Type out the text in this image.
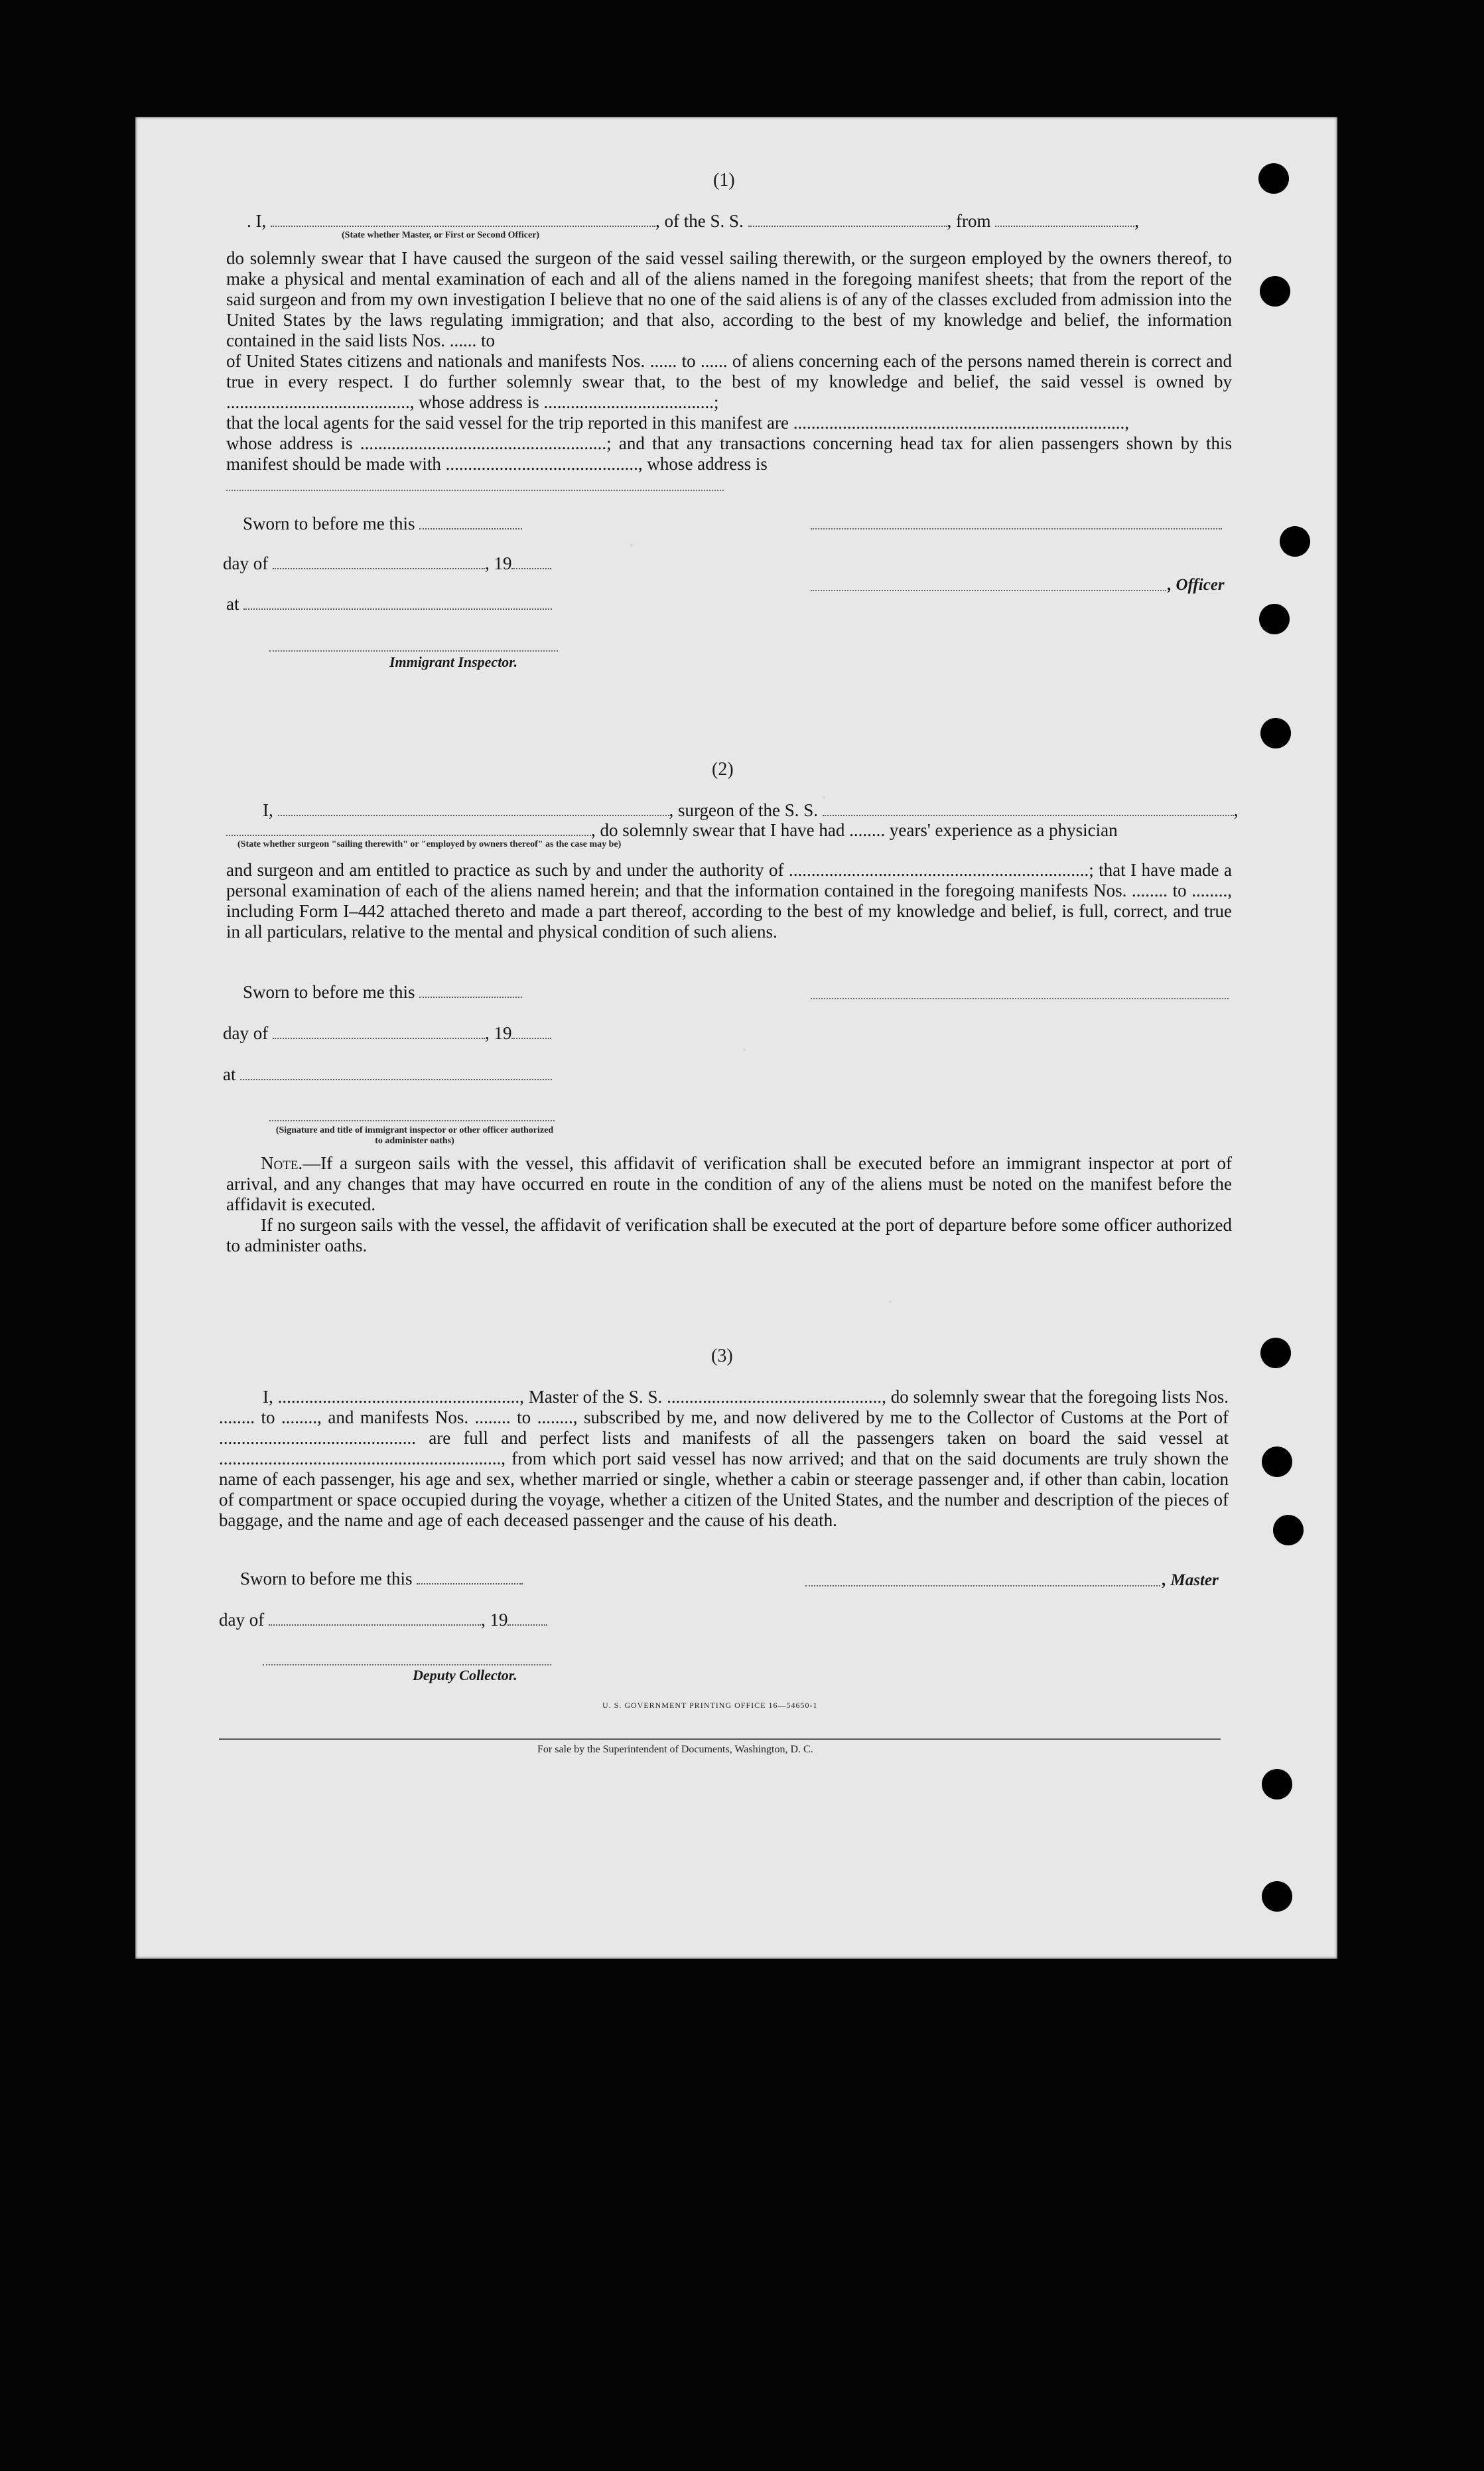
(1)
. I,	, of the S. S.	, from	,
(State whether Master, or First or Second Officer)

do solemnly swear that I have caused the surgeon of the said vessel sailing therewith, or the surgeon employed by the owners thereof, to make a physical and mental examination of each and all of the aliens named in the foregoing manifest sheets; that from the report of the said surgeon and from my own investigation I believe that no one of the said aliens is of any of the classes excluded from admission into the United States by the laws regulating immigration; and that also, according to the best of my knowledge and belief, the information contained in the said lists Nos. ...... to

of United States citizens and nationals and manifests Nos. ...... to ...... of aliens concerning each of the persons named therein is correct and true in every respect. I do further solemnly swear that, to the best of my knowledge and belief, the said vessel is owned by ........................................., whose address is ......................................;

that the local agents for the said vessel for the trip reported in this manifest are ..........................................................................,

whose address is .......................................................; and that any transactions concerning head tax for alien passengers shown by this manifest should be made with ..........................................., whose address is

Sworn to before me this
day of	, 19
at
, Officer
Immigrant Inspector.
(2)
I,	, surgeon of the S. S.	,
, do solemnly swear that I have had ........ years' experience as a physician
(State whether surgeon "sailing therewith" or "employed by owners thereof" as the case may be)
and surgeon and am entitled to practice as such by and under the authority of ...................................................................; that I have made a personal examination of each of the aliens named herein; and that the information contained in the foregoing manifests Nos. ........ to ........, including Form I–442 attached thereto and made a part thereof, according to the best of my knowledge and belief, is full, correct, and true in all particulars, relative to the mental and physical condition of such aliens.
Sworn to before me this
day of	, 19
at
(Signature and title of immigrant inspector or other officer authorized to administer oaths)

Note.—If a surgeon sails with the vessel, this affidavit of verification shall be executed before an immigrant inspector at port of arrival, and any changes that may have occurred en route in the condition of any of the aliens must be noted on the manifest before the affidavit is executed.

If no surgeon sails with the vessel, the affidavit of verification shall be executed at the port of departure before some officer authorized to administer oaths.

(3)
I, ......................................................, Master of the S. S. ................................................, do solemnly swear that the foregoing lists Nos. ........ to ........, and manifests Nos. ........ to ........, subscribed by me, and now delivered by me to the Collector of Customs at the Port of ............................................ are full and perfect lists and manifests of all the passengers taken on board the said vessel at ..............................................................., from which port said vessel has now arrived; and that on the said documents are truly shown the name of each passenger, his age and sex, whether married or single, whether a cabin or steerage passenger and, if other than cabin, location of compartment or space occupied during the voyage, whether a citizen of the United States, and the number and description of the pieces of baggage, and the name and age of each deceased passenger and the cause of his death.
Sworn to before me this
day of	, 19
, Master
Deputy Collector.
U. S. GOVERNMENT PRINTING OFFICE 16—54650-1
For sale by the Superintendent of Documents, Washington, D. C.
